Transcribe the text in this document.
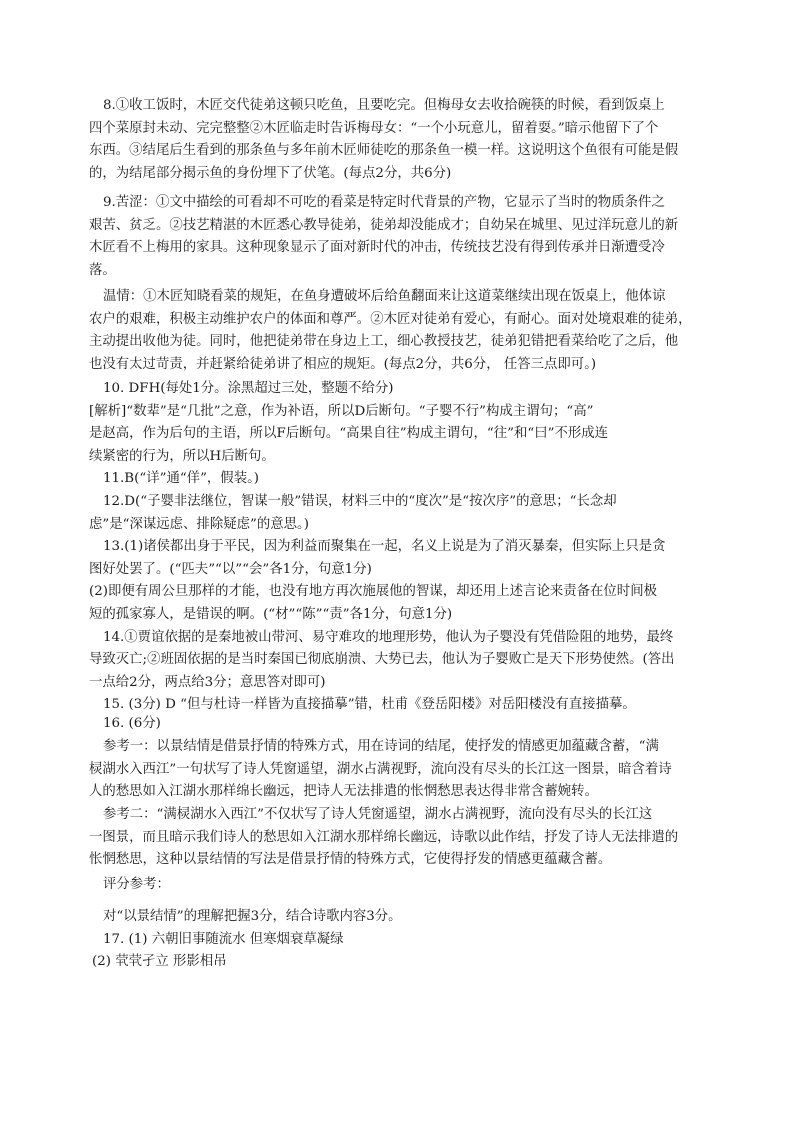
8.①收工饭时，木匠交代徒弟这顿只吃鱼，且要吃完。但梅母女去收拾碗筷的时候，看到饭桌上
四个菜原封未动、完完整整②木匠临走时告诉梅母女：“一个小玩意儿，留着耍。”暗示他留下了个
东西。③结尾后生看到的那条鱼与多年前木匠师徒吃的那条鱼一模一样。这说明这个鱼很有可能是假
的，为结尾部分揭示鱼的身份埋下了伏笔。(每点2分，共6分)
9.苦涩：①文中描绘的可看却不可吃的看菜是特定时代背景的产物，它显示了当时的物质条件之
艰苦、贫乏。②技艺精湛的木匠悉心教导徒弟，徒弟却没能成才；自幼呆在城里、见过洋玩意儿的新
木匠看不上梅用的家具。这种现象显示了面对新时代的冲击，传统技艺没有得到传承并日渐遭受冷
落。
温情：①木匠知晓看菜的规矩，在鱼身遭破坏后给鱼翻面来让这道菜继续出现在饭桌上，他体谅
农户的艰难，积极主动维护农户的体面和尊严。②木匠对徒弟有爱心，有耐心。面对处境艰难的徒弟，
主动提出收他为徒。同时，他把徒弟带在身边上工，细心教授技艺，徒弟犯错把看菜给吃了之后，他
也没有太过苛责，并赶紧给徒弟讲了相应的规矩。(每点2分，共6分， 任答三点即可。)
10. DFH(每处1分。涂黑超过三处，整题不给分)
[解析]“数辈”是“几批”之意，作为补语，所以D后断句。“子婴不行”构成主谓句；“高”
是赵高，作为后句的主语，所以F后断句。“高果自往”构成主谓句，“往”和“曰”不形成连
续紧密的行为，所以H后断句。
11.B(“详”通“佯”，假装。)
12.D(“子婴非法继位，智谋一般”错误，材料三中的“度次”是“按次序”的意思；“长念却
虑”是“深谋远虑、排除疑虑”的意思。)
13.(1)诸侯都出身于平民，因为利益而聚集在一起，名义上说是为了消灭暴秦，但实际上只是贪
图好处罢了。(“匹夫”“以”“会”各1分，句意1分)
(2)即便有周公旦那样的才能，也没有地方再次施展他的智谋，却还用上述言论来责备在位时间极
短的孤家寡人，是错误的啊。(“材”“陈”“责”各1分，句意1分)
14.①贾谊依据的是秦地被山带河、易守难攻的地理形势，他认为子婴没有凭借险阻的地势，最终
导致灭亡;②班固依据的是当时秦国已彻底崩溃、大势已去，他认为子婴败亡是天下形势使然。(答出
一点给2分，两点给3分；意思答对即可)
15. (3分) D “但与杜诗一样皆为直接描摹”错，杜甫《登岳阳楼》对岳阳楼没有直接描摹。
16. (6分)
参考一：以景结情是借景抒情的特殊方式，用在诗词的结尾，使抒发的情感更加蕴藏含蓄，“满
棂湖水入西江”一句状写了诗人凭窗遥望，湖水占满视野，流向没有尽头的长江这一图景，暗含着诗
人的愁思如入江湖水那样绵长幽远，把诗人无法排遣的怅惘愁思表达得非常含蓄婉转。
参考二：“满棂湖水入西江”不仅状写了诗人凭窗遥望，湖水占满视野，流向没有尽头的长江这
一图景，而且暗示我们诗人的愁思如入江湖水那样绵长幽远，诗歌以此作结，抒发了诗人无法排遣的
怅惘愁思，这种以景结情的写法是借景抒情的特殊方式，它使得抒发的情感更蕴藏含蓄。
评分参考：
对“以景结情”的理解把握3分，结合诗歌内容3分。
17. (1) 六朝旧事随流水 但寒烟衰草凝绿
(2) 茕茕孑立 形影相吊
